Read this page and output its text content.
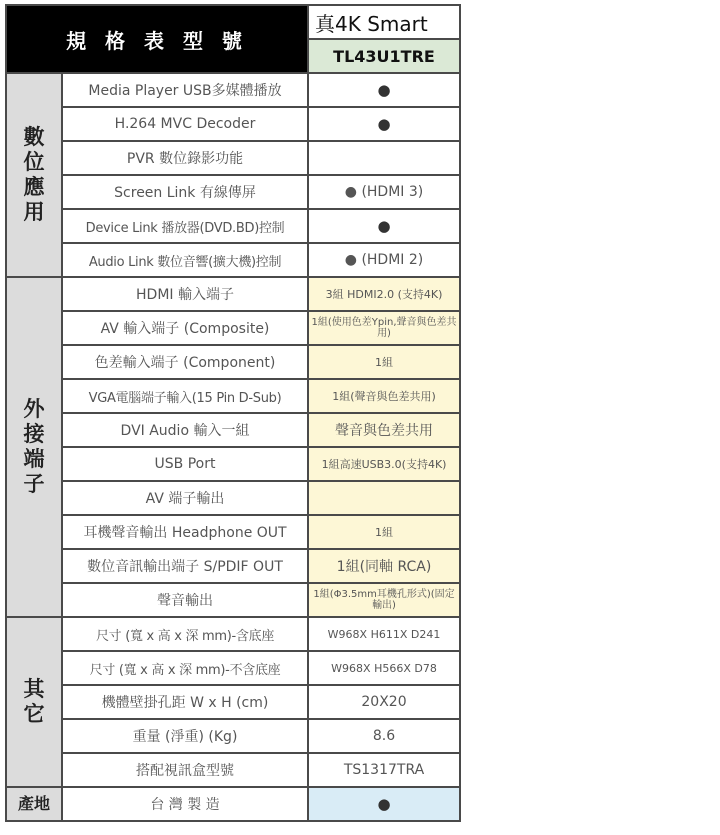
規 格 表 型 號		真4K Smart
		TL43U1TRE
數位應用	Media Player USB多媒體播放	●
	H.264 MVC Decoder	●
	PVR 數位錄影功能	
	Screen Link 有線傳屏	● (HDMI 3)
	Device Link 播放器(DVD.BD)控制	●
	Audio Link 數位音響(擴大機)控制	● (HDMI 2)
外接端子	HDMI 輸入端子	3組 HDMI2.0 (支持4K)
	AV 輸入端子 (Composite)	1組(使用色差Ypin,聲音與色差共用)
	色差輸入端子 (Component)	1組
	VGA電腦端子輸入(15 Pin D-Sub)	1組(聲音與色差共用)
	DVI Audio 輸入一組	聲音與色差共用
	USB Port	1組高速USB3.0(支持4K)
	AV 端子輸出	
	耳機聲音輸出 Headphone OUT	1組
	數位音訊輸出端子 S/PDIF OUT	1組(同軸 RCA)
	聲音輸出	1組(Φ3.5mm耳機孔形式)(固定輸出)
其它	尺寸 (寬 x 高 x 深 mm)-含底座	W968X H611X D241
	尺寸 (寬 x 高 x 深 mm)-不含底座	W968X H566X D78
	機體壁掛孔距 W x H (cm)	20X20
	重量 (淨重) (Kg)	8.6
	搭配視訊盒型號	TS1317TRA
產地	台 灣 製 造	●
